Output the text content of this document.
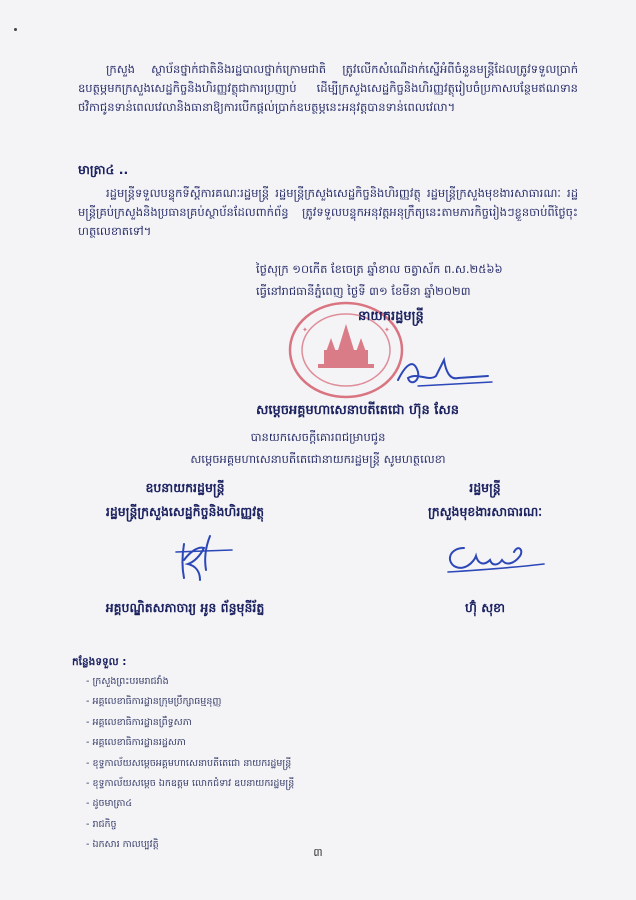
ក្រសួង ស្ថាប័នថ្នាក់ជាតិនិងរដ្ឋបាលថ្នាក់ក្រោមជាតិ ត្រូវលើកសំណើដាក់ស្នើអំពីចំនួនមន្ត្រីដែលត្រូវទទួលប្រាក់ឧបត្ថម្ភមកក្រសួងសេដ្ឋកិច្ចនិងហិរញ្ញវត្ថុជាការប្រញាប់ ដើម្បីក្រសួងសេដ្ឋកិច្ចនិងហិរញ្ញវត្ថុរៀបចំប្រកាសបន្ថែមឥណទានថវិកាជូនទាន់ពេលវេលានិងធានាឱ្យការបើកផ្តល់ប្រាក់ឧបត្ថម្ភនេះអនុវត្តបានទាន់ពេលវេលា។

មាត្រា៤ ..

រដ្ឋមន្ត្រីទទួលបន្ទុកទីស្ដីការគណៈរដ្ឋមន្ត្រី រដ្ឋមន្ត្រីក្រសួងសេដ្ឋកិច្ចនិងហិរញ្ញវត្ថុ រដ្ឋមន្ត្រីក្រសួងមុខងារសាធារណៈ រដ្ឋមន្ត្រីគ្រប់ក្រសួងនិងប្រធានគ្រប់ស្ថាប័នដែលពាក់ព័ន្ធ ត្រូវទទួលបន្ទុកអនុវត្តអនុក្រឹត្យនេះតាមភារកិច្ចរៀងៗខ្លួនចាប់ពីថ្ងៃចុះហត្ថលេខាតទៅ។

ថ្ងៃសុក្រ ១០កើត ខែចេត្រ ឆ្នាំខាល ចត្វាស័ក ព.ស.២៥៦៦
ធ្វើនៅរាជធានីភ្នំពេញ ថ្ងៃទី ៣១ ខែមីនា ឆ្នាំ២០២៣
✦	✦
នាយករដ្ឋមន្ត្រី
សម្តេចអគ្គមហាសេនាបតីតេជោ ហ៊ុន សែន
បានយកសេចក្តីគោរពជម្រាបជូន
សម្តេចអគ្គមហាសេនាបតីតេជោនាយករដ្ឋមន្ត្រី សូមហត្ថលេខា
ឧបនាយករដ្ឋមន្ត្រី
រដ្ឋមន្ត្រីក្រសួងសេដ្ឋកិច្ចនិងហិរញ្ញវត្ថុ
អគ្គបណ្ឌិតសភាចារ្យ អូន ព័ន្ធមុនីរ័ត្ន
រដ្ឋមន្ត្រី
ក្រសួងមុខងារសាធារណៈ
ហ៊ុំ សុខា
កន្លែងទទួល :
- ក្រសួងព្រះបរមរាជវាំង
- អគ្គលេខាធិការដ្ឋានក្រុមប្រឹក្សាធម្មនុញ្ញ
- អគ្គលេខាធិការដ្ឋានព្រឹទ្ធសភា
- អគ្គលេខាធិការដ្ឋានរដ្ឋសភា
- ខុទ្ទកាល័យសម្តេចអគ្គមហាសេនាបតីតេជោ នាយករដ្ឋមន្ត្រី
- ខុទ្ទកាល័យសម្តេច ឯកឧត្តម លោកជំទាវ ឧបនាយករដ្ឋមន្ត្រី
- ដូចមាត្រា៤
- រាជកិច្ច
- ឯកសារ កាលប្បវត្តិ
៣
